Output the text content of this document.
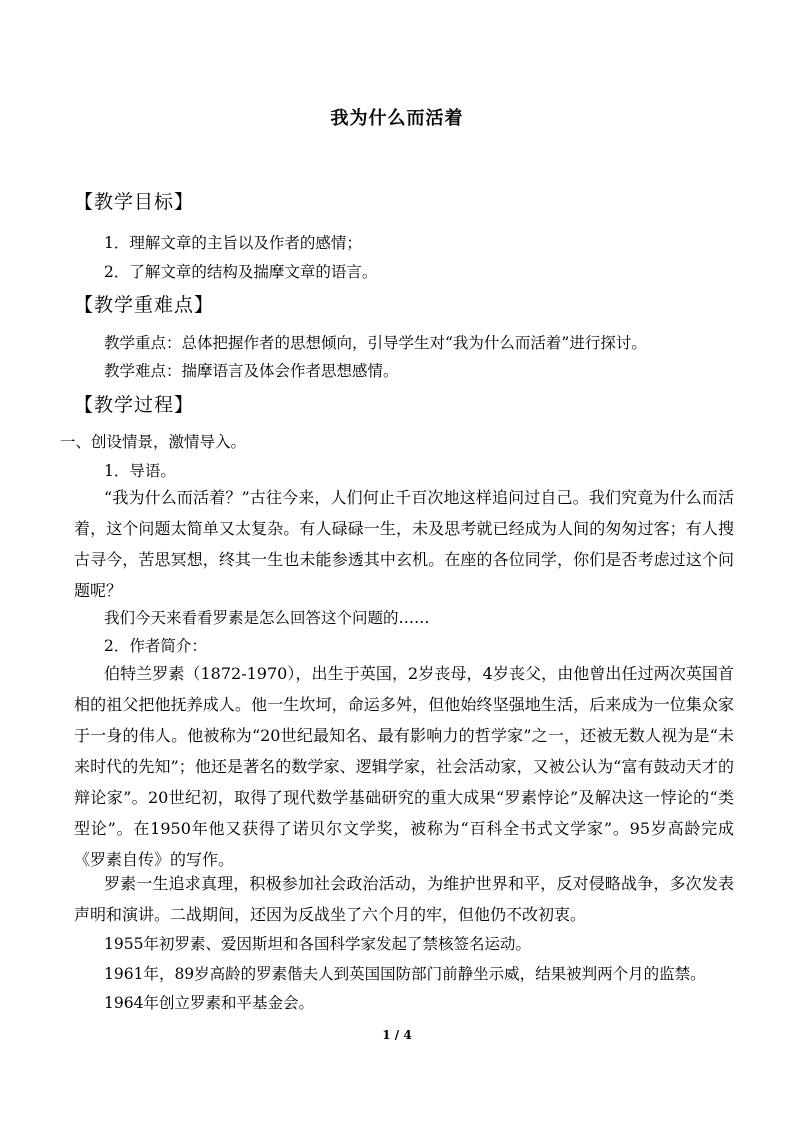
我为什么而活着
【教学目标】
1．理解文章的主旨以及作者的感情；
2．了解文章的结构及揣摩文章的语言。
【教学重难点】
教学重点：总体把握作者的思想倾向，引导学生对“我为什么而活着”进行探讨。
教学难点：揣摩语言及体会作者思想感情。
【教学过程】
一、创设情景，激情导入。
1．导语。
“我为什么而活着？”古往今来，人们何止千百次地这样追问过自己。我们究竟为什么而活着，这个问题太简单又太复杂。有人碌碌一生，未及思考就已经成为人间的匆匆过客；有人搜古寻今，苦思冥想，终其一生也未能参透其中玄机。在座的各位同学，你们是否考虑过这个问题呢？
我们今天来看看罗素是怎么回答这个问题的……
2．作者简介：
伯特兰罗素（1872-1970），出生于英国，2岁丧母，4岁丧父，由他曾出任过两次英国首相的祖父把他抚养成人。他一生坎坷，命运多舛，但他始终坚强地生活，后来成为一位集众家于一身的伟人。他被称为“20世纪最知名、最有影响力的哲学家”之一，还被无数人视为是“未来时代的先知”；他还是著名的数学家、逻辑学家，社会活动家，又被公认为“富有鼓动天才的辩论家”。20世纪初，取得了现代数学基础研究的重大成果“罗素悖论”及解决这一悖论的“类型论”。在1950年他又获得了诺贝尔文学奖，被称为“百科全书式文学家”。95岁高龄完成《罗素自传》的写作。
罗素一生追求真理，积极参加社会政治活动，为维护世界和平，反对侵略战争，多次发表声明和演讲。二战期间，还因为反战坐了六个月的牢，但他仍不改初衷。
1955年初罗素、爱因斯坦和各国科学家发起了禁核签名运动。
1961年，89岁高龄的罗素偕夫人到英国国防部门前静坐示威，结果被判两个月的监禁。
1964年创立罗素和平基金会。
1 / 4
